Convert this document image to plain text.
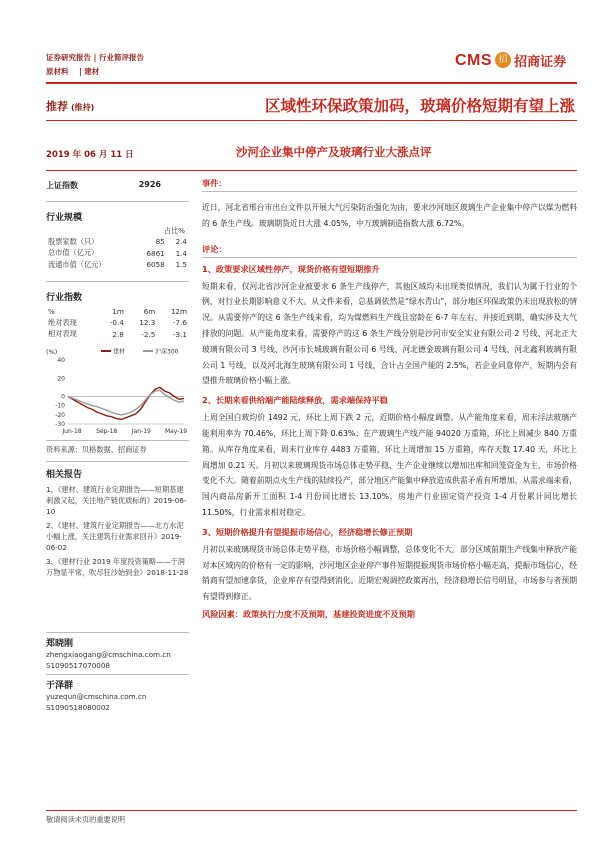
证券研究报告 | 行业简评报告
原材料    | 建材
CMS 招 $^{招商证券}$
推荐 (维持)	区域性环保政策加码，玻璃价格短期有望上涨
2019 年 06 月 11 日	沙河企业集中停产及玻璃行业大涨点评
上证指数	2926
行业规模
占比%
股票家数（只）	85	2.4
总市值（亿元）	6861	1.4
流通市值（亿元）	6058	1.5
行业指数
%	1m	6m	12m
绝对表现	-0.4	12.3	-7.6
相对表现	2.8	-2.5	-3.1
(%)	建材	沪深300
40
20
0
-10
-20
-30
Jun-18 Sep-18 Jan-19 May-19
资料来源：贝格数据、招商证券
相关报告
1、《建材、建筑行业定期报告——短期基建刺激又起，关注地产链优质标的》2019-06-10
2、《建材、建筑行业定期报告——北方水泥小幅上涨，关注建筑行业需求回升》2019-06-02
3、《建材行业 2019 年度投资策略——于润万物显平常，吹尽狂沙始到金》2018-11-28
郑晓刚
zhengxiaogang@cmschina.com.cn
S1090517070008
于泽群
yuzequn@cmschina.com.cn
S1090518080002
事件：
近日，河北省邢台市出台文件以开展大气污染防治强化为由，要求沙河地区玻璃生产企业集中停产以煤为燃料的 6 条生产线。玻璃期货近日大涨 4.05%，中万玻璃制造指数大涨 6.72%。
评论：
1、政策要求区域性停产，现货价格有望短期推升
短期来看，仅河北省沙河企业被要求 6 条生产线停产，其他区域均未出现类似情况，我们认为属于行业的个例，对行业长期影响意义不大。从文件来看，总基调依然是“绿水青山”，部分地区环保政策仍未出现放松的情况。从需要停产的这 6 条生产线来看，均为煤燃料生产线且窑龄在 6-7 年左右，并接近到期，确实涉及大气排放的问题。从产能角度来看，需要停产的这 6 条生产线分别是沙河市安全实业有限公司 2 号线、河北正大玻璃有限公司 3 号线、沙河市长城玻璃有限公司 6 号线、河北德金玻璃有限公司 4 号线、河北鑫利玻璃有限公司 1 号线，以及河北海生玻璃有限公司 1 号线，合计占全国产能的 2.5%，若企业同意停产，短期内会有望推升玻璃价格小幅上涨。
2、长期来看供给端产能陆续释放，需求端保持平稳
上周全国白玻均价 1492 元，环比上周下跌 2 元，近期价格小幅度调整。从产能角度来看，周末浮法玻璃产能利用率为 70.46%，环比上周下降 0.63%；在产玻璃生产线产能 94020 万重箱，环比上周减少 840 万重箱。从库存角度来看，周末行业库存 4483 万重箱，环比上周增加 15 万重箱，库存天数 17.40 天，环比上周增加 0.21 天。月初以来玻璃现货市场总体走势平稳，生产企业继续以增加出库和回笼资金为主，市场价格变化不大。随着前期点火生产线的陆续投产，部分地区产能集中释放造成供需矛盾有所增加。从需求端来看，国内商品房新开工面积 1-4 月份同比增长 13.10%，房地产行业固定资产投资 1-4 月份累计同比增长 11.50%，行业需求相对稳定。
3、短期价格提升有望提振市场信心，经济稳增长修正预期
月初以来玻璃现货市场总体走势平稳，市场价格小幅调整，总体变化不大。部分区域前期生产线集中释放产能对本区域内的价格有一定的影响，沙河地区企业停产事件短期提振现货市场价格小幅走高，提振市场信心，经销商有望加速拿货，企业库存有望得到消化。近期宏观调控政策再出，经济稳增长信号明显，市场参与者预期有望得到修正。
风险因素：政策执行力度不及预期，基建投资进度不及预期
敬请阅读末页的重要说明
